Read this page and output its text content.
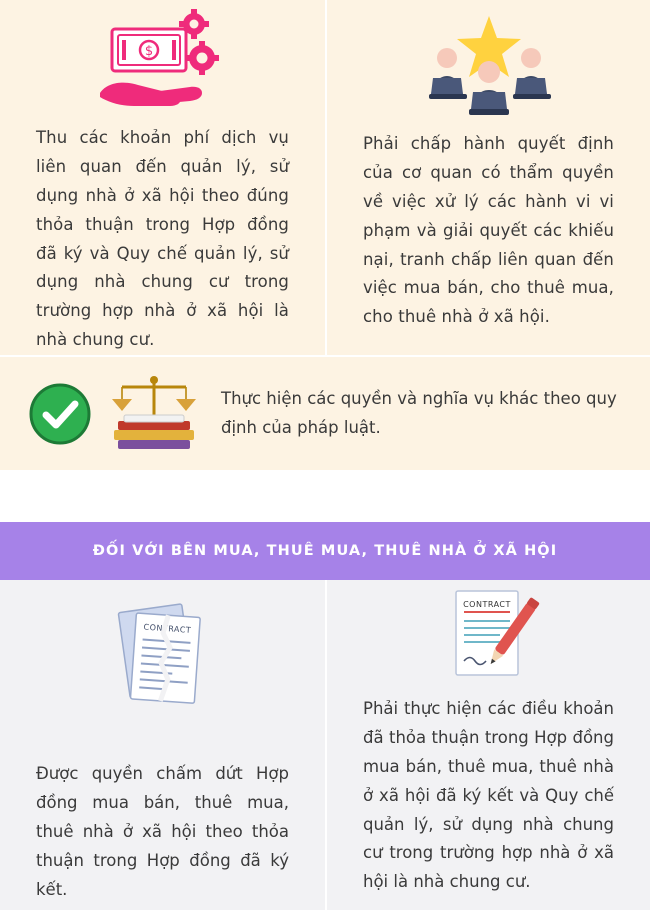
$
Thu các khoản phí dịch vụ liên quan đến quản lý, sử dụng nhà ở xã hội theo đúng thỏa thuận trong Hợp đồng đã ký và Quy chế quản lý, sử dụng nhà chung cư trong trường hợp nhà ở xã hội là nhà chung cư.
Phải chấp hành quyết định của cơ quan có thẩm quyền về việc xử lý các hành vi vi phạm và giải quyết các khiếu nại, tranh chấp liên quan đến việc mua bán, cho thuê mua, cho thuê nhà ở xã hội.
Thực hiện các quyền và nghĩa vụ khác theo quy định của pháp luật.
ĐỐI VỚI BÊN MUA, THUÊ MUA, THUÊ NHÀ Ở XÃ HỘI
CONTRACT
Được quyền chấm dứt Hợp đồng mua bán, thuê mua, thuê nhà ở xã hội theo thỏa thuận trong Hợp đồng đã ký kết.
CONTRACT
Phải thực hiện các điều khoản đã thỏa thuận trong Hợp đồng mua bán, thuê mua, thuê nhà ở xã hội đã ký kết và Quy chế quản lý, sử dụng nhà chung cư trong trường hợp nhà ở xã hội là nhà chung cư.
